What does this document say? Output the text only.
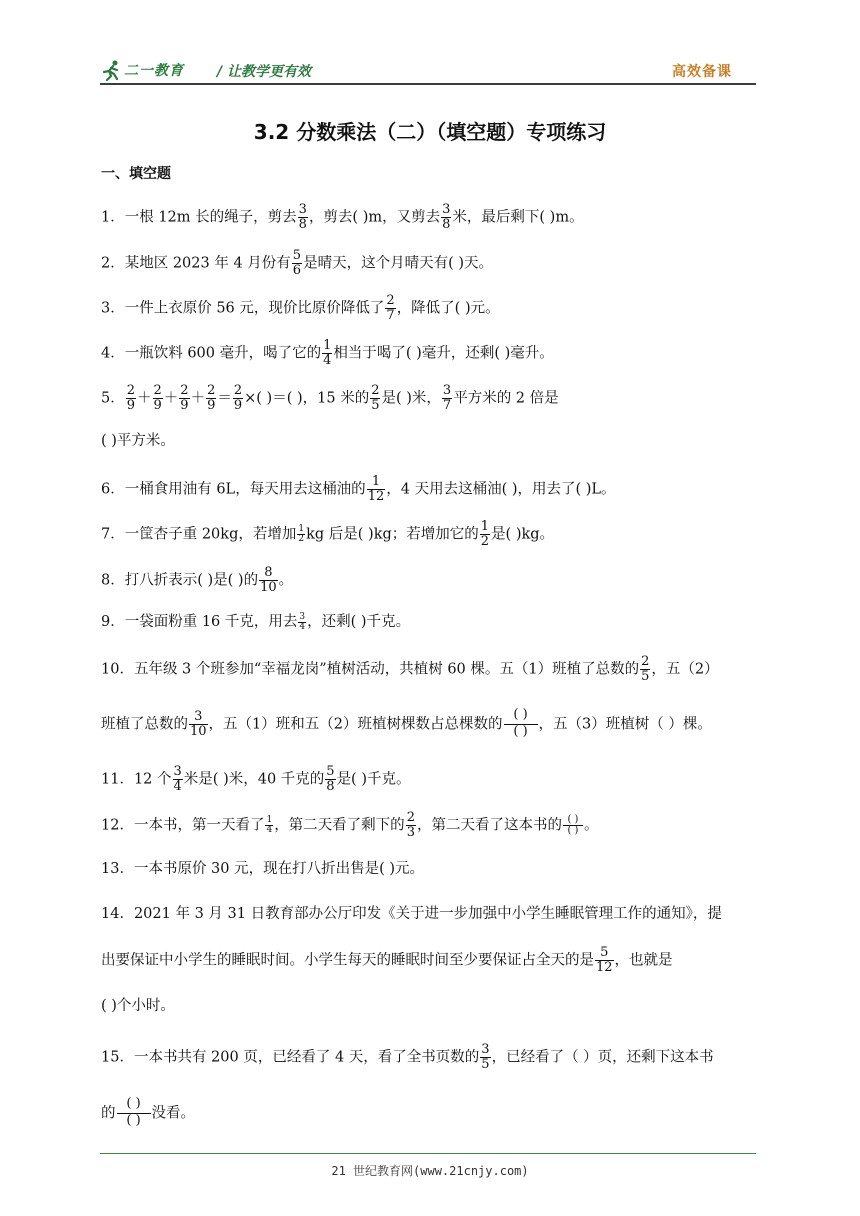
二一教育 / 让教学更有效	高效备课
3.2 分数乘法（二）（填空题）专项练习
一、填空题
1．一根 12m 长的绳子，剪去 $\frac{3}{8}$ ，剪去( )m，又剪去 $\frac{3}{8}$ 米，最后剩下( )m。
2．某地区 2023 年 4 月份有 $\frac{5}{6}$ 是晴天，这个月晴天有( )天。
3．一件上衣原价 56 元，现价比原价降低了 $\frac{2}{7}$ ，降低了( )元。
4．一瓶饮料 600 毫升，喝了它的 $\frac{1}{4}$ 相当于喝了( )毫升，还剩( )毫升。
5． $\frac{2}{9} + \frac{2}{9} + \frac{2}{9} + \frac{2}{9} = \frac{2}{9}$ ×( )＝( )，15 米的 $\frac{2}{5}$ 是( )米， $\frac{3}{7}$ 平方米的 2 倍是
( )平方米。
6．一桶食用油有 6L，每天用去这桶油的 $\frac{1}{12}$ ，4 天用去这桶油( )，用去了( )L。
7．一筐杏子重 20kg，若增加 $\frac{1}{2}$ kg 后是( )kg；若增加它的 $\frac{1}{2}$ 是( )kg。
8．打八折表示( )是( )的 $\frac{8}{10}$ 。
9．一袋面粉重 16 千克，用去 $\frac{3}{4}$ ，还剩( )千克。
10．五年级 3 个班参加“幸福龙岗”植树活动，共植树 60 棵。五（1）班植了总数的 $\frac{2}{5}$ ，五（2）
班植了总数的 $\frac{3}{10}$ ，五（1）班和五（2）班植树棵数占总棵数的 $\frac{( )}{( )}$ ，五（3）班植树（ ）棵。
11．12 个 $\frac{3}{4}$ 米是( )米，40 千克的 $\frac{5}{8}$ 是( )千克。
12．一本书，第一天看了 $\frac{1}{4}$ ，第二天看了剩下的 $\frac{2}{3}$ ，第二天看了这本书的 $\frac{( )}{( )}$ 。
13．一本书原价 30 元，现在打八折出售是( )元。
14．2021 年 3 月 31 日教育部办公厅印发《关于进一步加强中小学生睡眠管理工作的通知》，提
出要保证中小学生的睡眠时间。小学生每天的睡眠时间至少要保证占全天的是 $\frac{5}{12}$ ，也就是
( )个小时。
15．一本书共有 200 页，已经看了 4 天，看了全书页数的 $\frac{3}{5}$ ，已经看了（ ）页，还剩下这本书
的 $\frac{( )}{( )}$ 没看。
21 世纪教育网(www.21cnjy.com)
